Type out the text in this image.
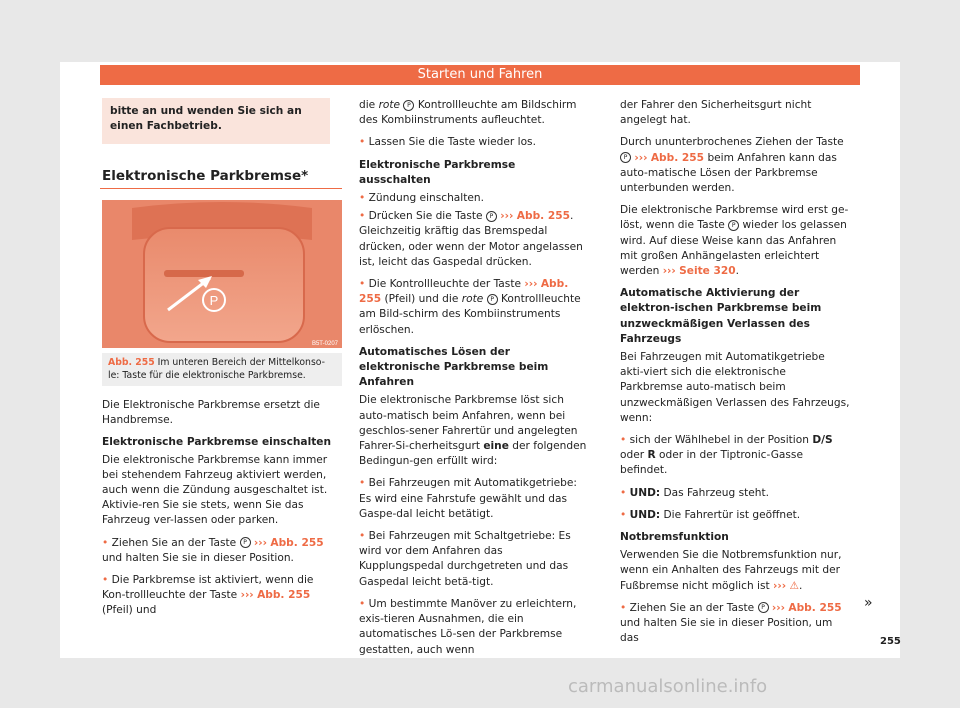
Starten und Fahren

bitte an und wenden Sie sich an einen Fachbetrieb.

Elektronische Parkbremse*
P
B5T-0207
Abb. 255 Im unteren Bereich der Mittelkonso-le: Taste für die elektronische Parkbremse.

Die Elektronische Parkbremse ersetzt die Handbremse.

Elektronische Parkbremse einschalten

Die elektronische Parkbremse kann immer bei stehendem Fahrzeug aktiviert werden, auch wenn die Zündung ausgeschaltet ist. Aktivie-ren Sie sie stets, wenn Sie das Fahrzeug ver-lassen oder parken.

• Ziehen Sie an der Taste P ››› Abb. 255 und halten Sie sie in dieser Position.

• Die Parkbremse ist aktiviert, wenn die Kon-trollleuchte der Taste ››› Abb. 255 (Pfeil) und

die rote P Kontrollleuchte am Bildschirm des Kombiinstruments aufleuchtet.

• Lassen Sie die Taste wieder los.

Elektronische Parkbremse ausschalten

• Zündung einschalten.

• Drücken Sie die Taste P ››› Abb. 255. Gleichzeitig kräftig das Bremspedal drücken, oder wenn der Motor angelassen ist, leicht das Gaspedal drücken.

• Die Kontrollleuchte der Taste ››› Abb. 255 (Pfeil) und die rote P Kontrollleuchte am Bild-schirm des Kombiinstruments erlöschen.

Automatisches Lösen der elektronische Parkbremse beim Anfahren

Die elektronische Parkbremse löst sich auto-matisch beim Anfahren, wenn bei geschlos-sener Fahrertür und angelegten Fahrer-Si-cherheitsgurt eine der folgenden Bedingun-gen erfüllt wird:

• Bei Fahrzeugen mit Automatikgetriebe: Es wird eine Fahrstufe gewählt und das Gaspe-dal leicht betätigt.

• Bei Fahrzeugen mit Schaltgetriebe: Es wird vor dem Anfahren das Kupplungspedal durchgetreten und das Gaspedal leicht betä-tigt.

• Um bestimmte Manöver zu erleichtern, exis-tieren Ausnahmen, die ein automatisches Lö-sen der Parkbremse gestatten, auch wenn

der Fahrer den Sicherheitsgurt nicht angelegt hat.

Durch ununterbrochenes Ziehen der Taste P ››› Abb. 255 beim Anfahren kann das auto-matische Lösen der Parkbremse unterbunden werden.

Die elektronische Parkbremse wird erst ge-löst, wenn die Taste P wieder los gelassen wird. Auf diese Weise kann das Anfahren mit großen Anhängelasten erleichtert werden ››› Seite 320.

Automatische Aktivierung der elektron-ischen Parkbremse beim unzweckmäßigen Verlassen des Fahrzeugs

Bei Fahrzeugen mit Automatikgetriebe akti-viert sich die elektronische Parkbremse auto-matisch beim unzweckmäßigen Verlassen des Fahrzeugs, wenn:

• sich der Wählhebel in der Position D/S oder R oder in der Tiptronic-Gasse befindet.

• UND: Das Fahrzeug steht.

• UND: Die Fahrertür ist geöffnet.

Notbremsfunktion

Verwenden Sie die Notbremsfunktion nur, wenn ein Anhalten des Fahrzeugs mit der Fußbremse nicht möglich ist ››› ⚠.

• Ziehen Sie an der Taste P ››› Abb. 255 und halten Sie sie in dieser Position, um das

»
255
carmanualsonline.info
